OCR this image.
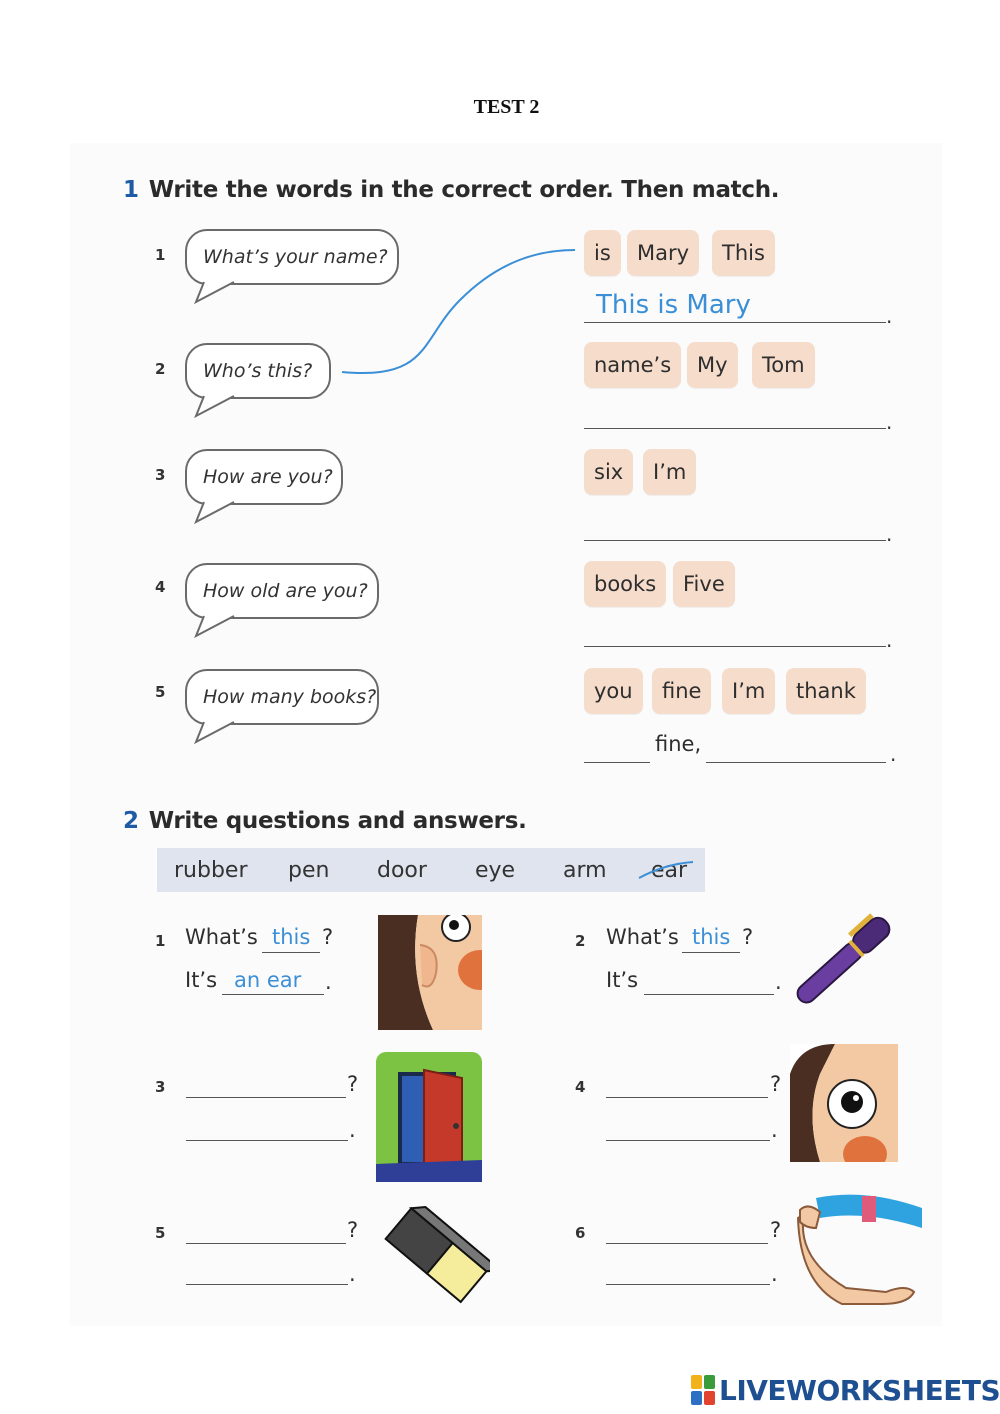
TEST 2
1 Write the words in the correct order. Then match.
1 What’s your name?	is	Mary	This
This is Mary	.
2 Who’s this?	name’s	My	Tom
.
3 How are you?	six	I’m
.
4 How old are you?	books	Five
.
5 How many books?	you	fine	I’m	thank
fine,	.
2 Write questions and answers.
rubber pen door eye arm ear
1 What’s this ?
It’s an ear .
2 What’s this ?
It’s	.
3	?
.
4	?
.
5	?
.
6	?
.
LIVEWORKSHEETS
